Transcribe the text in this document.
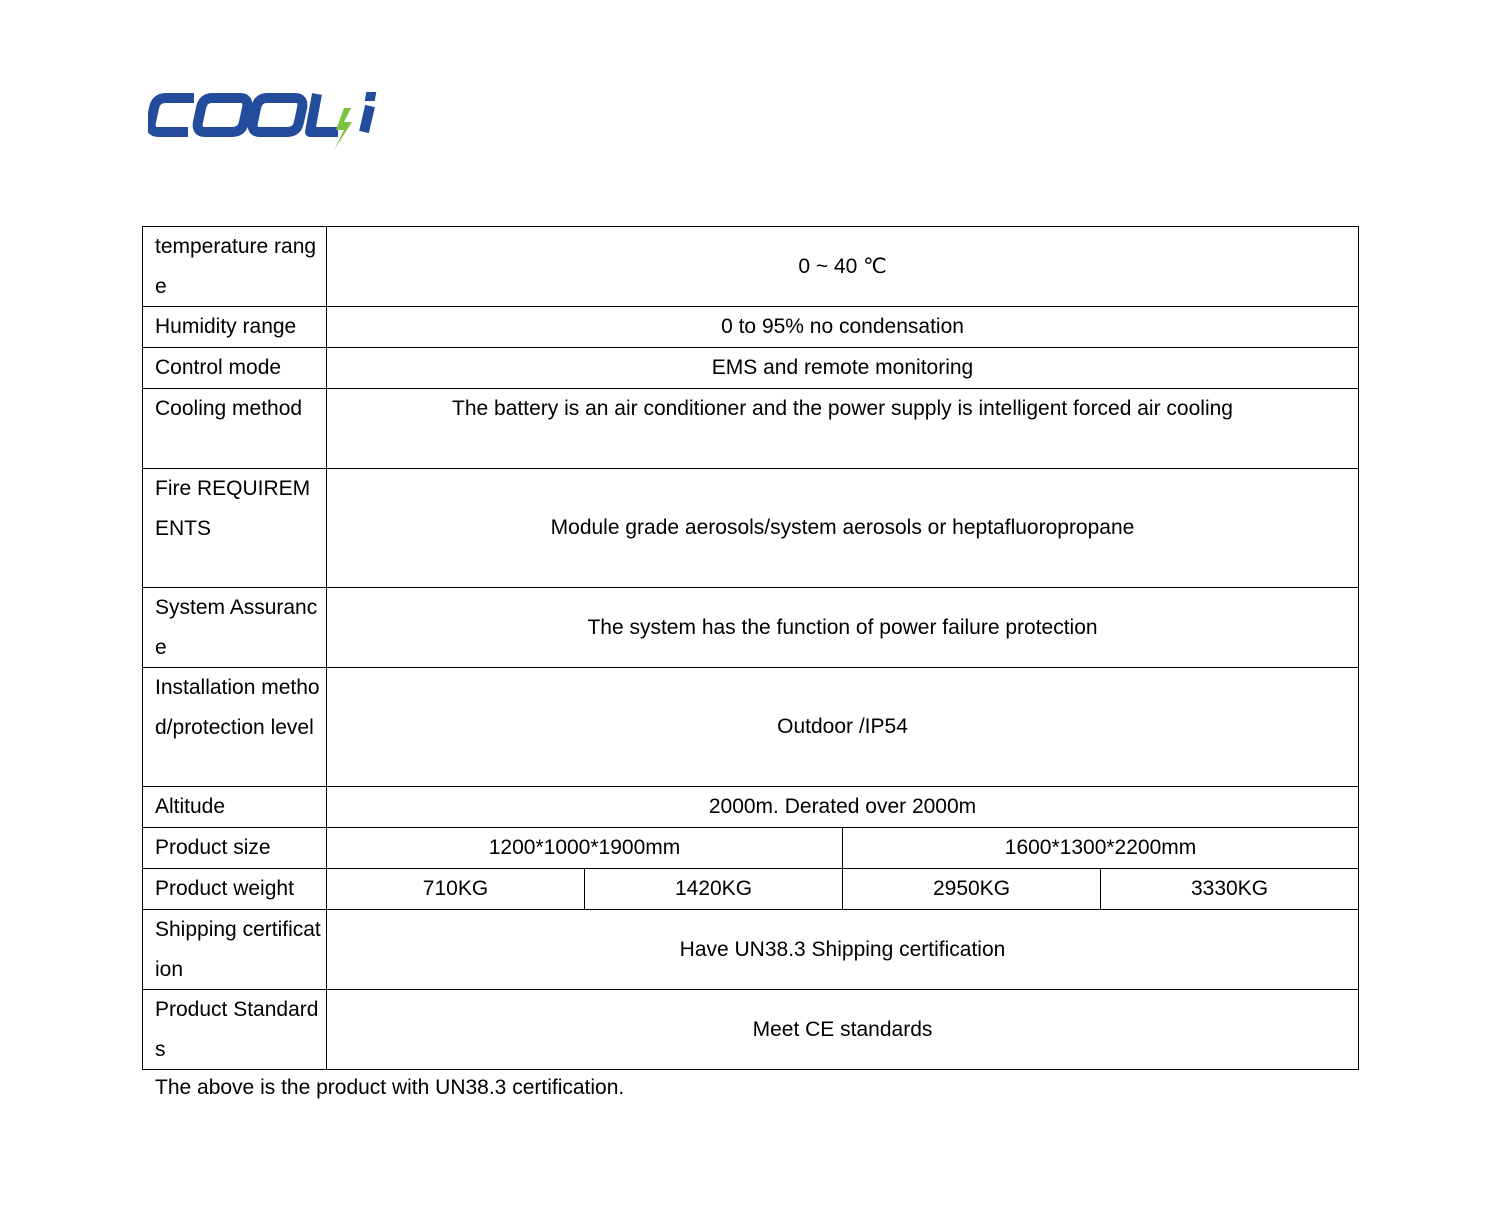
temperature range	0 ~ 40 ℃			
Humidity range	0 to 95% no condensation			
Control mode	EMS and remote monitoring			
Cooling method	The battery is an air conditioner and the power supply is intelligent forced air cooling			
Fire REQUIREMENTS	Module grade aerosols/system aerosols or heptafluoropropane			
System Assurance	The system has the function of power failure protection			
Installation method/protection level	Outdoor /IP54			
Altitude	2000m. Derated over 2000m			
Product size	1200*1000*1900mm		1600*1300*2200mm	
Product weight	710KG	1420KG	2950KG	3330KG
Shipping certification	Have UN38.3 Shipping certification			
Product Standards	Meet CE standards			
The above is the product with UN38.3 certification.
